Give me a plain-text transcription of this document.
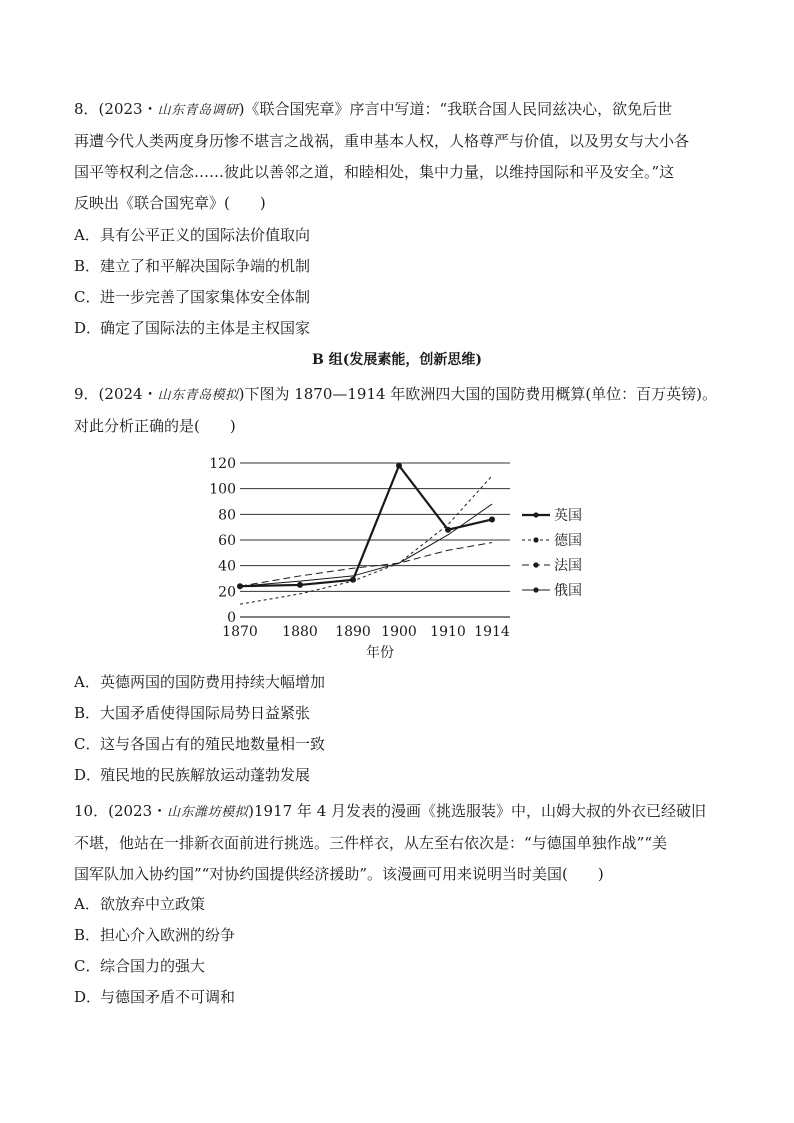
8．(2023・山东青岛调研)《联合国宪章》序言中写道：“我联合国人民同兹决心，欲免后世
再遭今代人类两度身历惨不堪言之战祸，重申基本人权，人格尊严与价值，以及男女与大小各
国平等权利之信念……彼此以善邻之道，和睦相处，集中力量，以维持国际和平及安全。”这
反映出《联合国宪章》(　　)
A．具有公平正义的国际法价值取向
B．建立了和平解决国际争端的机制
C．进一步完善了国家集体安全体制
D．确定了国际法的主体是主权国家
B 组(发展素能，创新思维)
9．(2024・山东青岛模拟)下图为 1870—1914 年欧洲四大国的国防费用概算(单位：百万英镑)。
对此分析正确的是(　　)
0
20
40
60
80
100
120
1870 1880 1890 1900 1910 1914
英国
德国
法国
俄国
年份
A．英德两国的国防费用持续大幅增加
B．大国矛盾使得国际局势日益紧张
C．这与各国占有的殖民地数量相一致
D．殖民地的民族解放运动蓬勃发展
10．(2023・山东潍坊模拟)1917 年 4 月发表的漫画《挑选服装》中，山姆大叔的外衣已经破旧
不堪，他站在一排新衣面前进行挑选。三件样衣，从左至右依次是：“与德国单独作战”“美
国军队加入协约国”“对协约国提供经济援助”。该漫画可用来说明当时美国(　　)
A．欲放弃中立政策
B．担心介入欧洲的纷争
C．综合国力的强大
D．与德国矛盾不可调和
